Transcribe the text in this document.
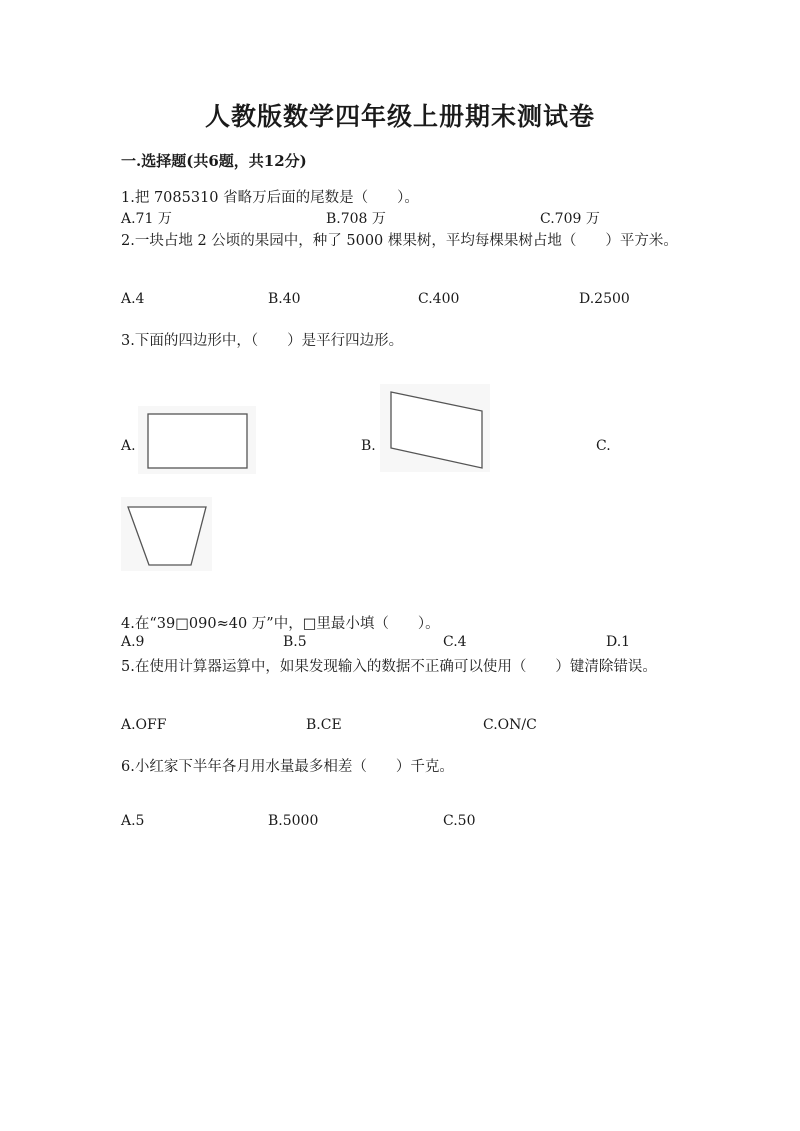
人教版数学四年级上册期末测试卷
一.选择题(共6题，共12分)
1.把 7085310 省略万后面的尾数是（　　）。
A.71 万	B.708 万	C.709 万
2.一块占地 2 公顷的果园中，种了 5000 棵果树，平均每棵果树占地（　　）平方米。
A.4	B.40	C.400	D.2500
3.下面的四边形中，（　　）是平行四边形。
A.	B.	C.
4.在“39□090≈40 万”中，□里最小填（　　）。
A.9	B.5	C.4	D.1
5.在使用计算器运算中，如果发现输入的数据不正确可以使用（　　）键清除错误。
A.OFF	B.CE	C.ON/C
6.小红家下半年各月用水量最多相差（　　）千克。
A.5	B.5000	C.50
